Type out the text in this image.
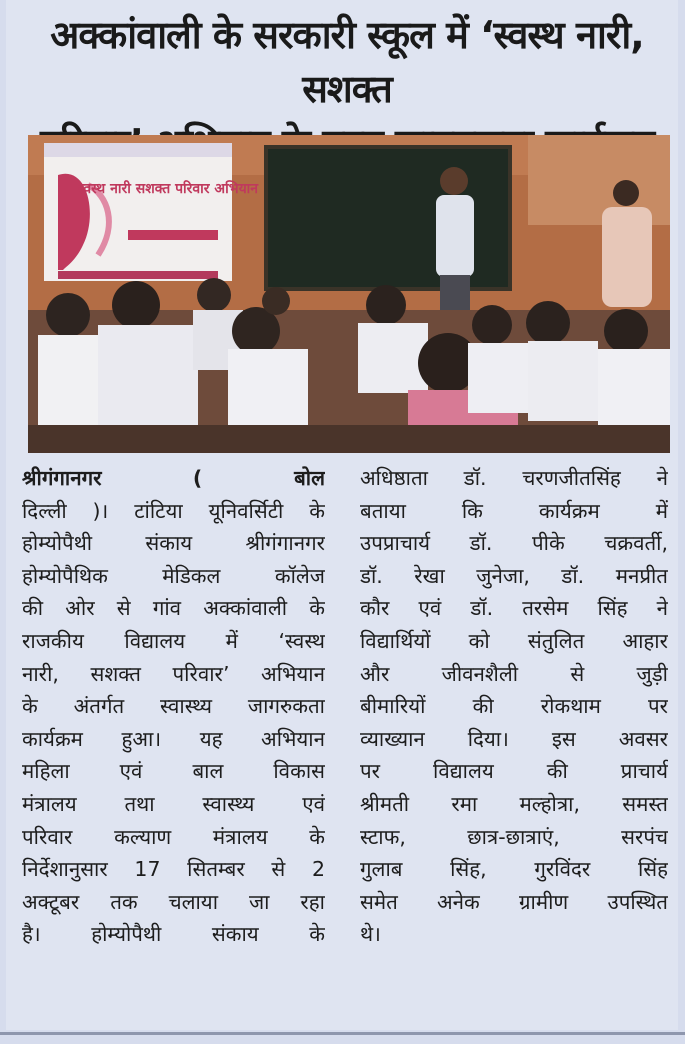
अक्कांवाली के सरकारी स्कूल में ‘स्वस्थ नारी, सशक्त

स्वस्थ नारी सशक्त परिवार अभियान
श्रीगंगानगर	( बोल
दिल्ली )। टांटिया यूनिवर्सिटी के
होम्योपैथी संकाय श्रीगंगानगर
होम्योपैथिक मेडिकल कॉलेज
की ओर से गांव अक्कांवाली के
राजकीय विद्यालय में ‘स्वस्थ
नारी, सशक्त परिवार’ अभियान
के अंतर्गत स्वास्थ्य जागरुकता
कार्यक्रम हुआ। यह अभियान
महिला एवं बाल विकास
मंत्रालय तथा स्वास्थ्य एवं
परिवार कल्याण मंत्रालय के
निर्देशानुसार 17 सितम्बर से 2
अक्टूबर तक चलाया जा रहा
है। होम्योपैथी संकाय के
अधिष्ठाता डॉ. चरणजीतसिंह ने
बताया कि कार्यक्रम में
उपप्राचार्य डॉ. पीके चक्रवर्ती,
डॉ. रेखा जुनेजा, डॉ. मनप्रीत
कौर एवं डॉ. तरसेम सिंह ने
विद्यार्थियों को संतुलित आहार
और जीवनशैली से जुड़ी
बीमारियों की रोकथाम पर
व्याख्यान दिया। इस अवसर
पर विद्यालय की प्राचार्य
श्रीमती रमा मल्होत्रा, समस्त
स्टाफ, छात्र-छात्राएं, सरपंच
गुलाब सिंह, गुरविंदर सिंह
समेत अनेक ग्रामीण उपस्थित
थे।
